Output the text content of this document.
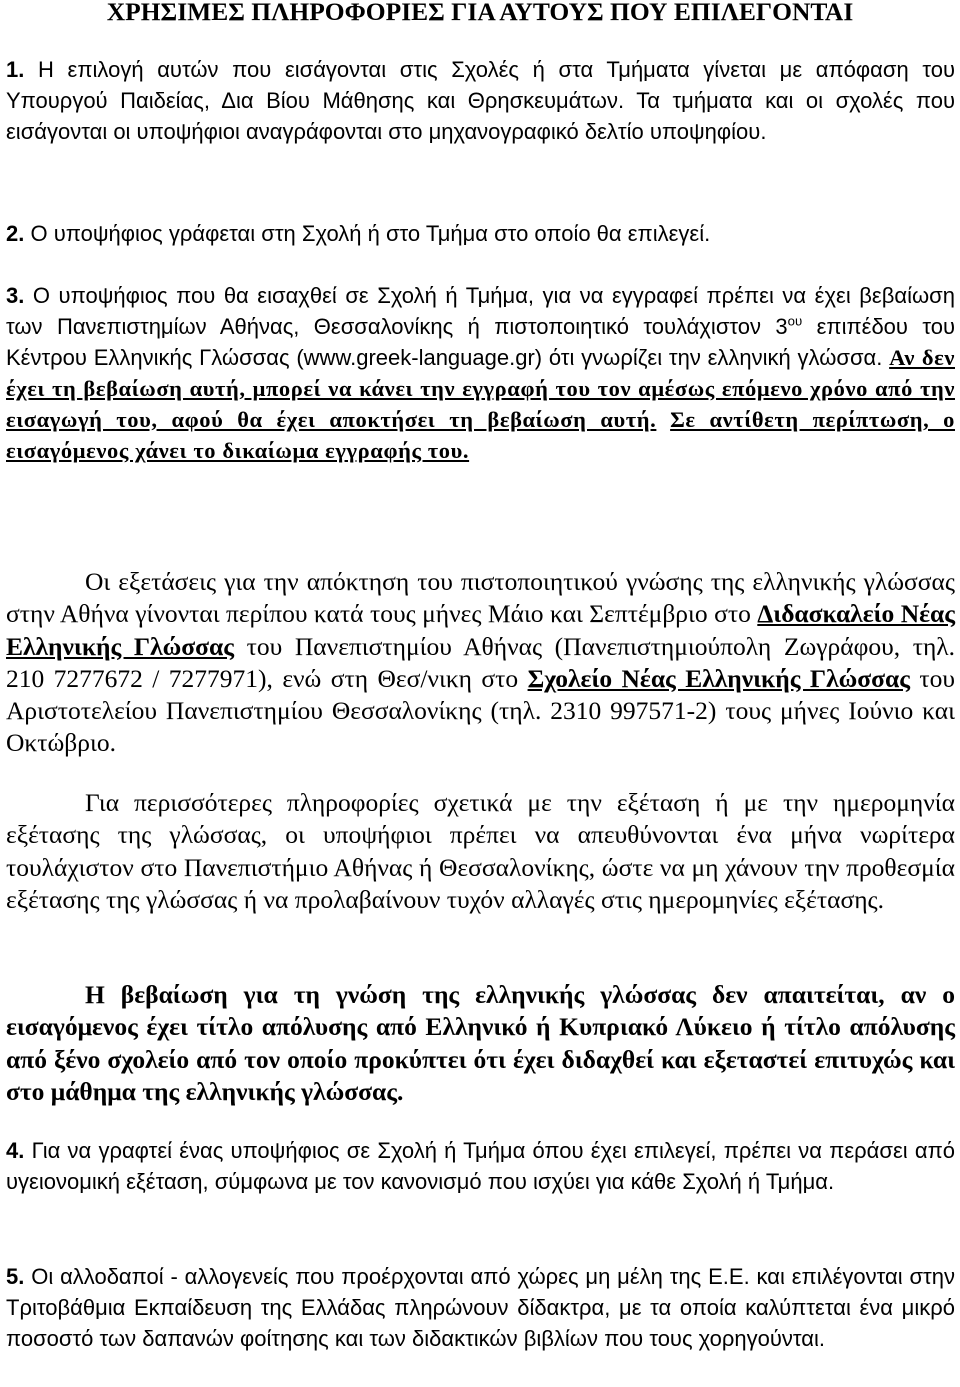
ΧΡΗΣΙΜΕΣ ΠΛΗΡΟΦΟΡΙΕΣ ΓΙΑ ΑΥΤΟΥΣ ΠΟΥ ΕΠΙΛΕΓΟΝΤΑΙ

1. Η επιλογή αυτών που εισάγονται στις Σχολές ή στα Τμήματα γίνεται με απόφαση του Υπουργού Παιδείας, Δια Βίου Μάθησης και Θρησκευμάτων. Τα τμήματα και οι σχολές που εισάγονται οι υποψήφιοι αναγράφονται στο μηχανογραφικό δελτίο υποψηφίου.

2. Ο υποψήφιος γράφεται στη Σχολή ή στο Τμήμα στο οποίο θα επιλεγεί.

3. Ο υποψήφιος που θα εισαχθεί σε Σχολή ή Τμήμα, για να εγγραφεί πρέπει να έχει βεβαίωση των Πανεπιστημίων Αθήνας, Θεσσαλονίκης ή πιστοποιητικό τουλάχιστον $3^{o\upsilon}$ επιπέδου του Κέντρου Ελληνικής Γλώσσας (www.greek-language.gr) ότι γνωρίζει την ελληνική γλώσσα. Αν δεν έχει τη βεβαίωση αυτή, μπορεί να κάνει την εγγραφή του τον αμέσως επόμενο χρόνο από την εισαγωγή του, αφού θα έχει αποκτήσει τη βεβαίωση αυτή. Σε αντίθετη περίπτωση, ο εισαγόμενος χάνει το δικαίωμα εγγραφής του.

Οι εξετάσεις για την απόκτηση του πιστοποιητικού γνώσης της ελληνικής γλώσσας στην Αθήνα γίνονται περίπου κατά τους μήνες Μάιο και Σεπτέμβριο στο Διδασκαλείο Νέας Ελληνικής Γλώσσας του Πανεπιστημίου Αθήνας (Πανεπιστημιούπολη Ζωγράφου, τηλ. 210 7277672 / 7277971), ενώ στη Θεσ/νικη στο Σχολείο Νέας Ελληνικής Γλώσσας του Αριστοτελείου Πανεπιστημίου Θεσσαλονίκης (τηλ. 2310 997571-2) τους μήνες Ιούνιο και Οκτώβριο.

Για περισσότερες πληροφορίες σχετικά με την εξέταση ή με την ημερομηνία εξέτασης της γλώσσας, οι υποψήφιοι πρέπει να απευθύνονται ένα μήνα νωρίτερα τουλάχιστον στο Πανεπιστήμιο Αθήνας ή Θεσσαλονίκης, ώστε να μη χάνουν την προθεσμία εξέτασης της γλώσσας ή να προλαβαίνουν τυχόν αλλαγές στις ημερομηνίες εξέτασης.

Η βεβαίωση για τη γνώση της ελληνικής γλώσσας δεν απαιτείται, αν ο εισαγόμενος έχει τίτλο απόλυσης από Ελληνικό ή Κυπριακό Λύκειο ή τίτλο απόλυσης από ξένο σχολείο από τον οποίο προκύπτει ότι έχει διδαχθεί και εξεταστεί επιτυχώς και στο μάθημα της ελληνικής γλώσσας.

4. Για να γραφτεί ένας υποψήφιος σε Σχολή ή Τμήμα όπου έχει επιλεγεί, πρέπει να περάσει από υγειονομική εξέταση, σύμφωνα με τον κανονισμό που ισχύει για κάθε Σχολή ή Τμήμα.

5. Οι αλλοδαποί - αλλογενείς που προέρχονται από χώρες μη μέλη της Ε.Ε. και επιλέγονται στην Τριτοβάθμια Εκπαίδευση της Ελλάδας πληρώνουν δίδακτρα, με τα οποία καλύπτεται ένα μικρό ποσοστό των δαπανών φοίτησης και των διδακτικών βιβλίων που τους χορηγούνται.
